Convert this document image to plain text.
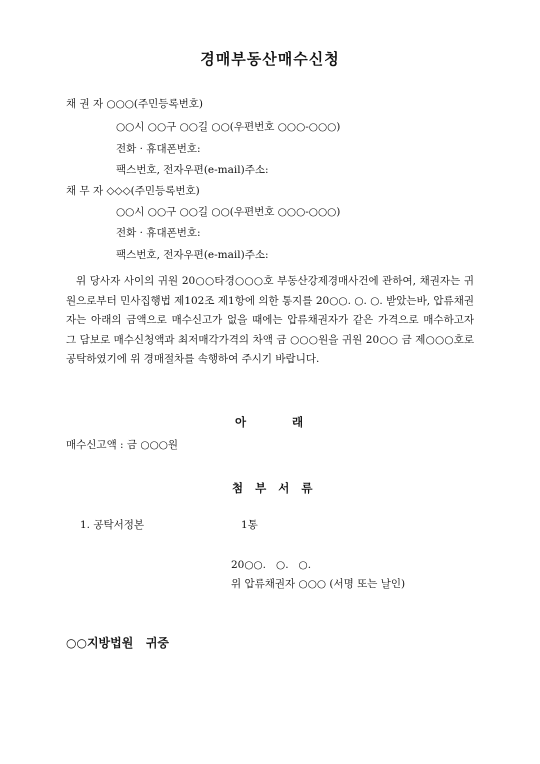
경매부동산매수신청
채 권 자 ○○○(주민등록번호)
○○시 ○○구 ○○길 ○○(우편번호 ○○○-○○○)
전화 · 휴대폰번호:
팩스번호, 전자우편(e-mail)주소:
채 무 자 ◇◇◇(주민등록번호)
○○시 ○○구 ○○길 ○○(우편번호 ○○○-○○○)
전화 · 휴대폰번호:
팩스번호, 전자우편(e-mail)주소:
위 당사자 사이의 귀원 20○○타경○○○호 부동산강제경매사건에 관하여, 채권자는 귀원으로부터 민사집행법 제102조 제1항에 의한 통지를 20○○. ○. ○. 받았는바, 압류채권자는 아래의 금액으로 매수신고가 없을 때에는 압류채권자가 같은 가격으로 매수하고자 그 담보로 매수신청액과 최저매각가격의 차액 금 ○○○원을 귀원 20○○ 금 제○○○호로 공탁하였기에 위 경매절차를 속행하여 주시기 바랍니다.
아	래
매수신고액 : 금 ○○○원
첨 부 서 류
1. 공탁서정본	1통
20○○.   ○.   ○.
위 압류채권자 ○○○ (서명 또는 날인)
○○지방법원   귀중
